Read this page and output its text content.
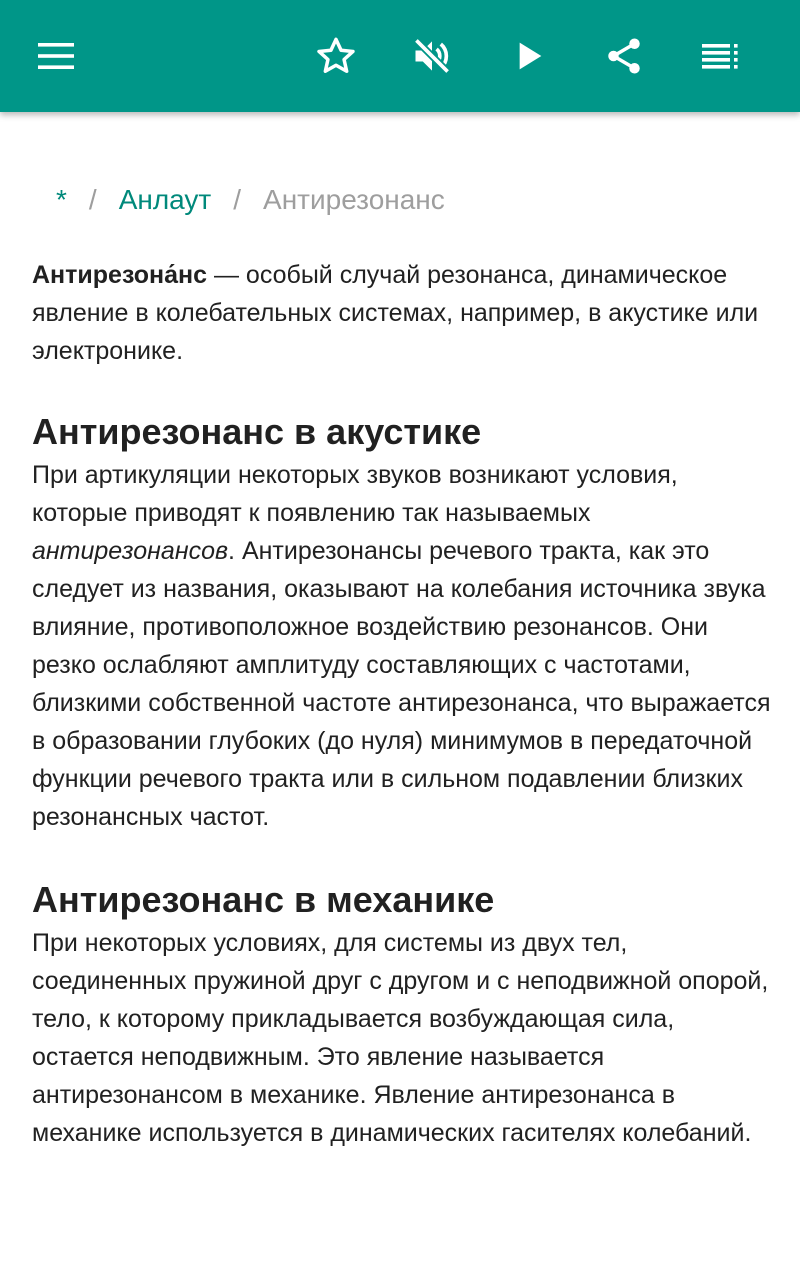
* / Анлаут / Антирезонанс

Антирезона́нс — особый случай резонанса, динамическое явление в колебательных системах, например, в акустике или электронике.

Антирезонанс в акустике

При артикуляции некоторых звуков возникают условия, которые приводят к появлению так называемых антирезонансов. Антирезонансы речевого тракта, как это следует из названия, оказывают на колебания источника звука влияние, противоположное воздействию резонансов. Они резко ослабляют амплитуду составляющих с частотами, близкими собственной частоте антирезонанса, что выражается в образовании глубоких (до нуля) минимумов в передаточной функции речевого тракта или в сильном подавлении близких резонансных частот.

Антирезонанс в механике

При некоторых условиях, для системы из двух тел, соединенных пружиной друг с другом и с неподвижной опорой, тело, к которому прикладывается возбуждающая сила, остается неподвижным. Это явление называется антирезонансом в механике. Явление антирезонанса в механике используется в динамических гасителях колебаний.
